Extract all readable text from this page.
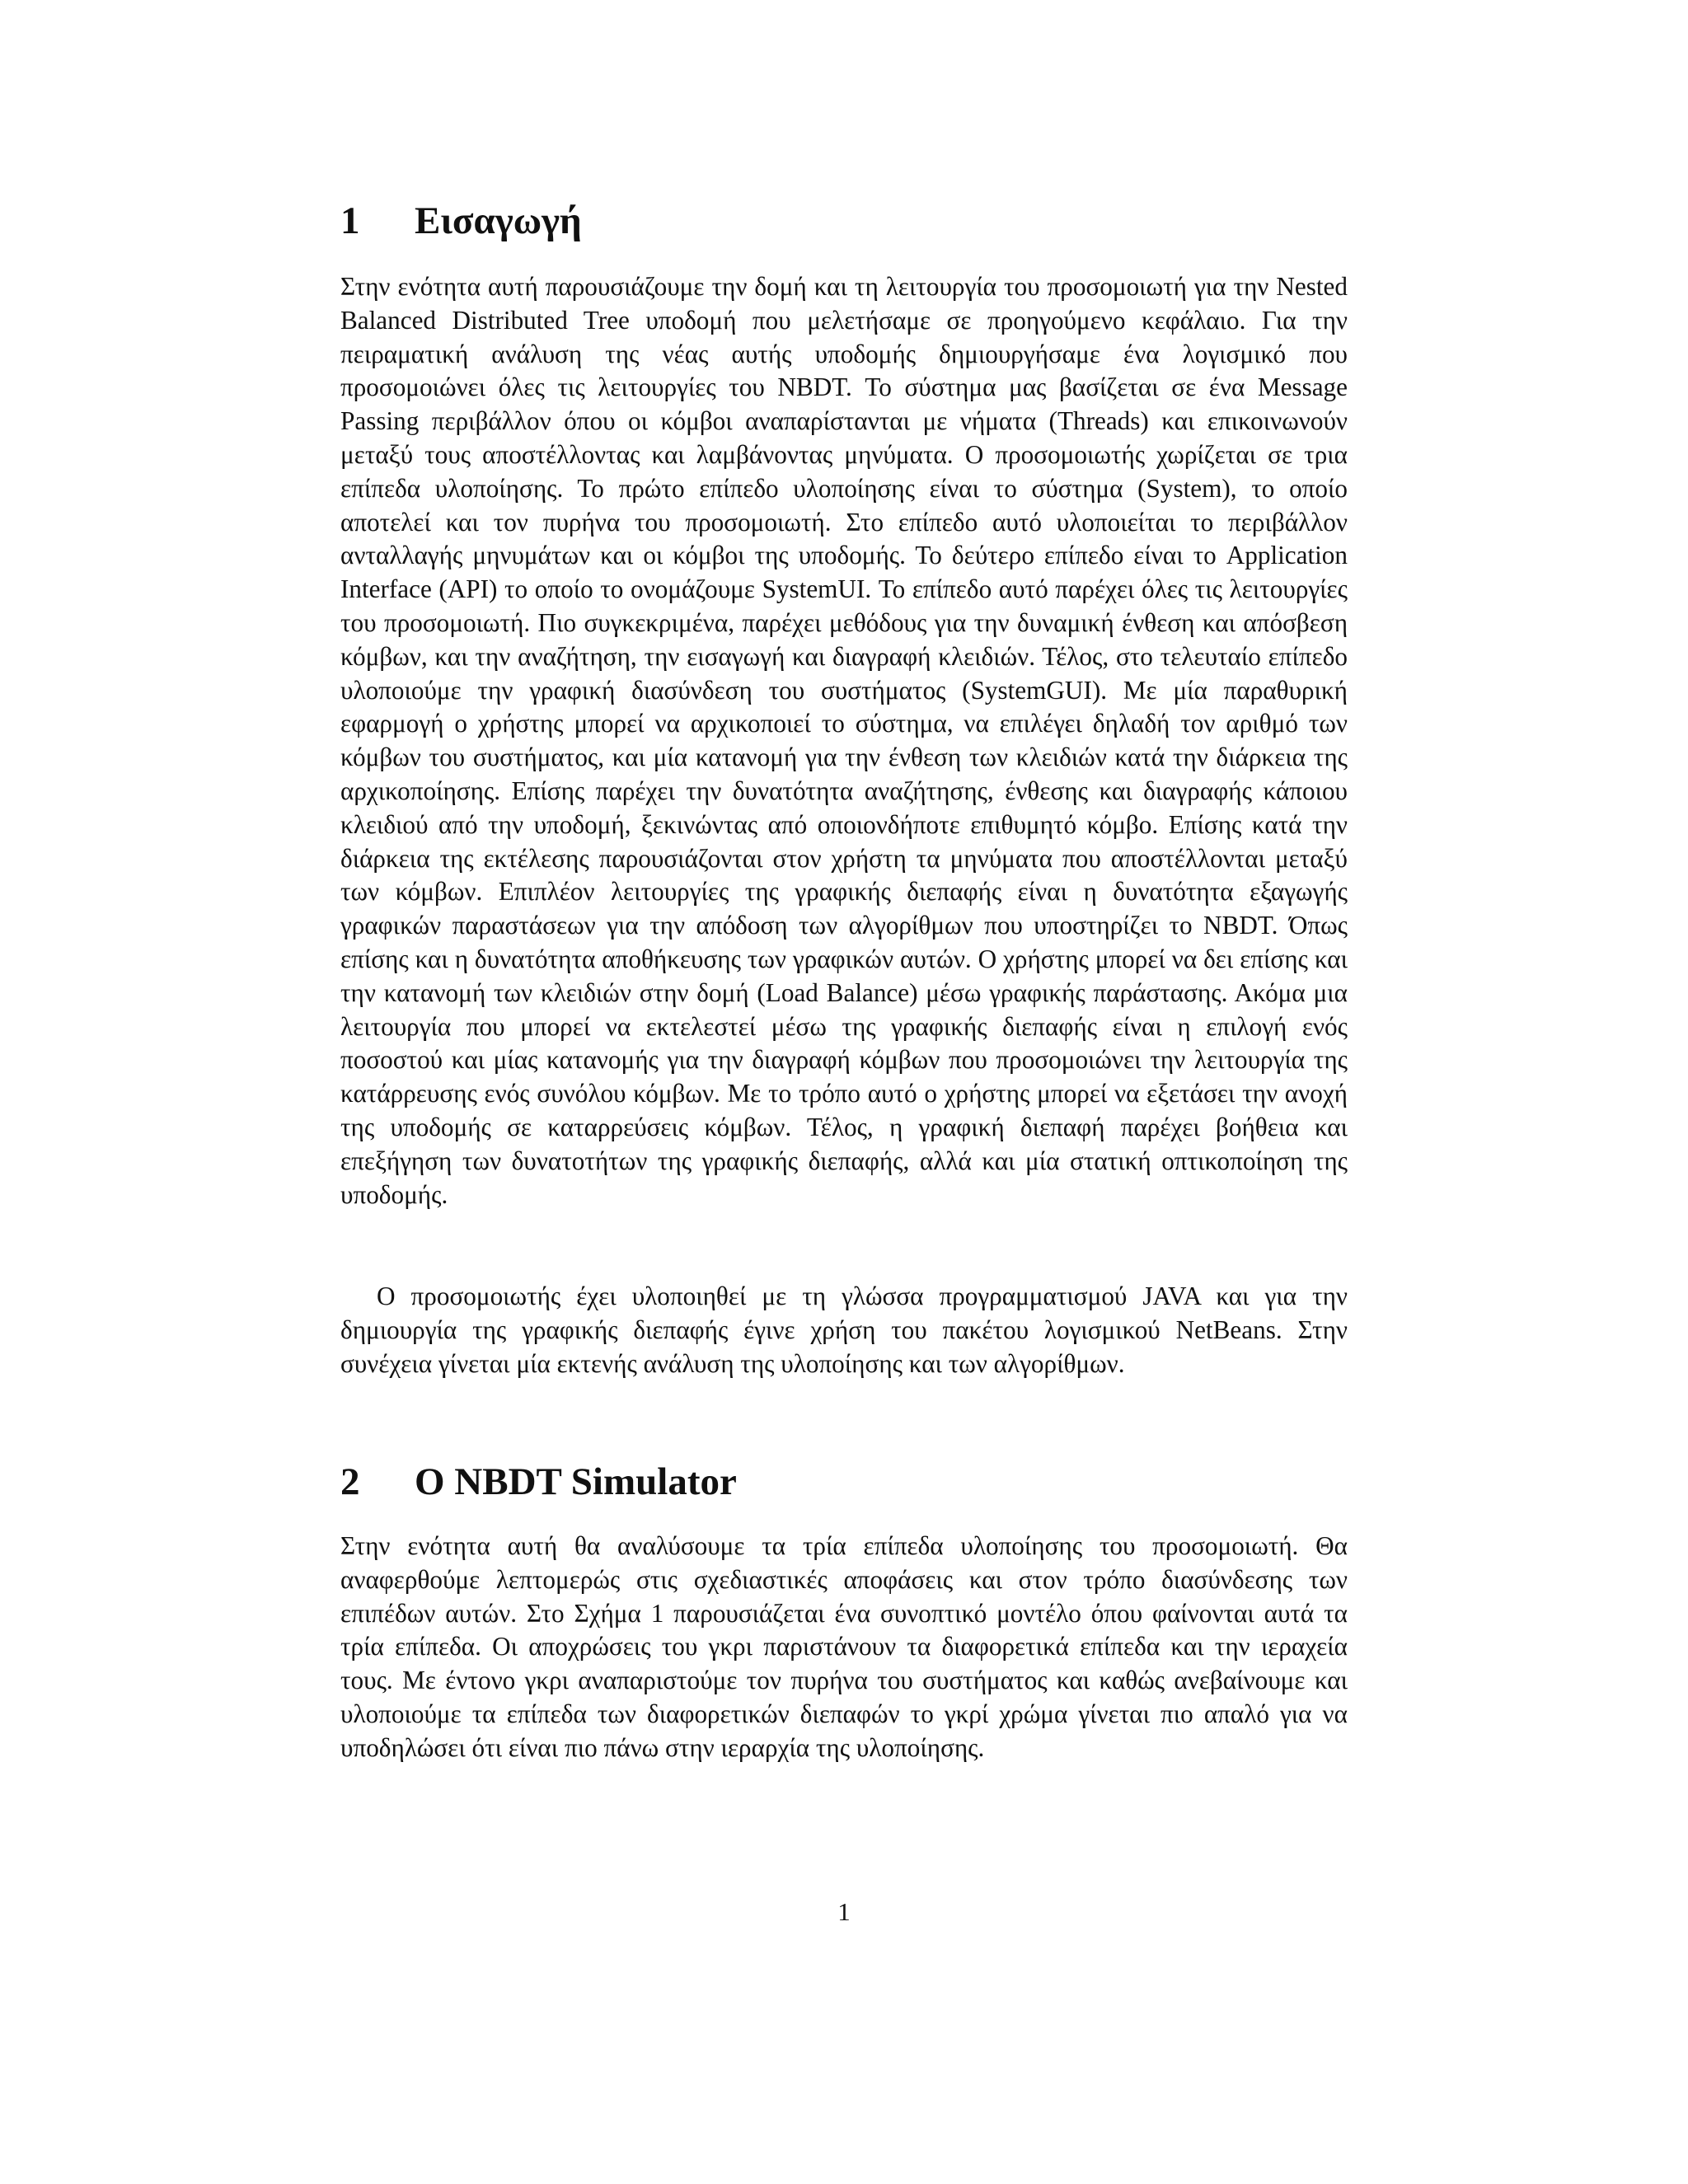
1 Εισαγωγή

Στην ενότητα αυτή παρουσιάζουμε την δομή και τη λειτουργία του προσομοιωτή για την Nested Balanced Distributed Tree υποδομή που μελετήσαμε σε προηγούμενο κεφάλαιο. Για την πειραματική ανάλυση της νέας αυτής υποδομής δημιουργήσαμε ένα λογισμικό που προσομοιώνει όλες τις λειτουργίες του NBDT. Το σύστημα μας βασίζεται σε ένα Message Passing περιβάλλον όπου οι κόμβοι αναπαρίστανται με νήματα (Threads) και επικοινωνούν μεταξύ τους αποστέλλοντας και λαμβάνοντας μηνύματα. Ο προσομοιωτής χωρίζεται σε τρια επίπεδα υλοποίησης. Το πρώτο επίπεδο υλοποίησης είναι το σύστημα (System), το οποίο αποτελεί και τον πυρήνα του προσομοιωτή. Στο επίπεδο αυτό υλοποιείται το περιβάλλον ανταλλαγής μηνυμάτων και οι κόμβοι της υποδομής. Το δεύτερο επίπεδο είναι το Application Interface (API) το οποίο το ονομάζουμε SystemUI. Το επίπεδο αυτό παρέχει όλες τις λειτουργίες του προσομοιωτή. Πιο συγκεκριμένα, παρέχει μεθόδους για την δυναμική ένθεση και απόσβεση κόμβων, και την αναζήτηση, την εισαγωγή και διαγραφή κλειδιών. Τέλος, στο τελευταίο επίπεδο υλοποιούμε την γραφική διασύνδεση του συστήματος (SystemGUI). Με μία παραθυρική εφαρμογή ο χρήστης μπορεί να αρχικοποιεί το σύστημα, να επιλέγει δηλαδή τον αριθμό των κόμβων του συστήματος, και μία κατανομή για την ένθεση των κλειδιών κατά την διάρκεια της αρχικοποίησης. Επίσης παρέχει την δυνατότητα αναζήτησης, ένθεσης και διαγραφής κάποιου κλειδιού από την υποδομή, ξεκινώντας από οποιονδήποτε επιθυμητό κόμβο. Επίσης κατά την διάρκεια της εκτέλεσης παρουσιάζονται στον χρήστη τα μηνύματα που αποστέλλονται μεταξύ των κόμβων. Επιπλέον λειτουργίες της γραφικής διεπαφής είναι η δυνατότητα εξαγωγής γραφικών παραστάσεων για την απόδοση των αλγορίθμων που υποστηρίζει το NBDT. Όπως επίσης και η δυνατότητα αποθήκευσης των γραφικών αυτών. Ο χρήστης μπορεί να δει επίσης και την κατανομή των κλειδιών στην δομή (Load Balance) μέσω γραφικής παράστασης. Ακόμα μια λειτουργία που μπορεί να εκτελεστεί μέσω της γραφικής διεπαφής είναι η επιλογή ενός ποσοστού και μίας κατανομής για την διαγραφή κόμβων που προσομοιώνει την λειτουργία της κατάρρευσης ενός συνόλου κόμβων. Με το τρόπο αυτό ο χρήστης μπορεί να εξετάσει την ανοχή της υποδομής σε καταρρεύσεις κόμβων. Τέλος, η γραφική διεπαφή παρέχει βοήθεια και επεξήγηση των δυνατοτήτων της γραφικής διεπαφής, αλλά και μία στατική οπτικοποίηση της υποδομής.

Ο προσομοιωτής έχει υλοποιηθεί με τη γλώσσα προγραμματισμού JAVA και για την δημιουργία της γραφικής διεπαφής έγινε χρήση του πακέτου λογισμικού NetBeans. Στην συνέχεια γίνεται μία εκτενής ανάλυση της υλοποίησης και των αλγορίθμων.

2 Ο NBDT Simulator

Στην ενότητα αυτή θα αναλύσουμε τα τρία επίπεδα υλοποίησης του προσομοιωτή. Θα αναφερθούμε λεπτομερώς στις σχεδιαστικές αποφάσεις και στον τρόπο διασύνδεσης των επιπέδων αυτών. Στο Σχήμα 1 παρουσιάζεται ένα συνοπτικό μοντέλο όπου φαίνονται αυτά τα τρία επίπεδα. Οι αποχρώσεις του γκρι παριστάνουν τα διαφορετικά επίπεδα και την ιεραχεία τους. Με έντονο γκρι αναπαριστούμε τον πυρήνα του συστήματος και καθώς ανεβαίνουμε και υλοποιούμε τα επίπεδα των διαφορετικών διεπαφών το γκρί χρώμα γίνεται πιο απαλό για να υποδηλώσει ότι είναι πιο πάνω στην ιεραρχία της υλοποίησης.

1
